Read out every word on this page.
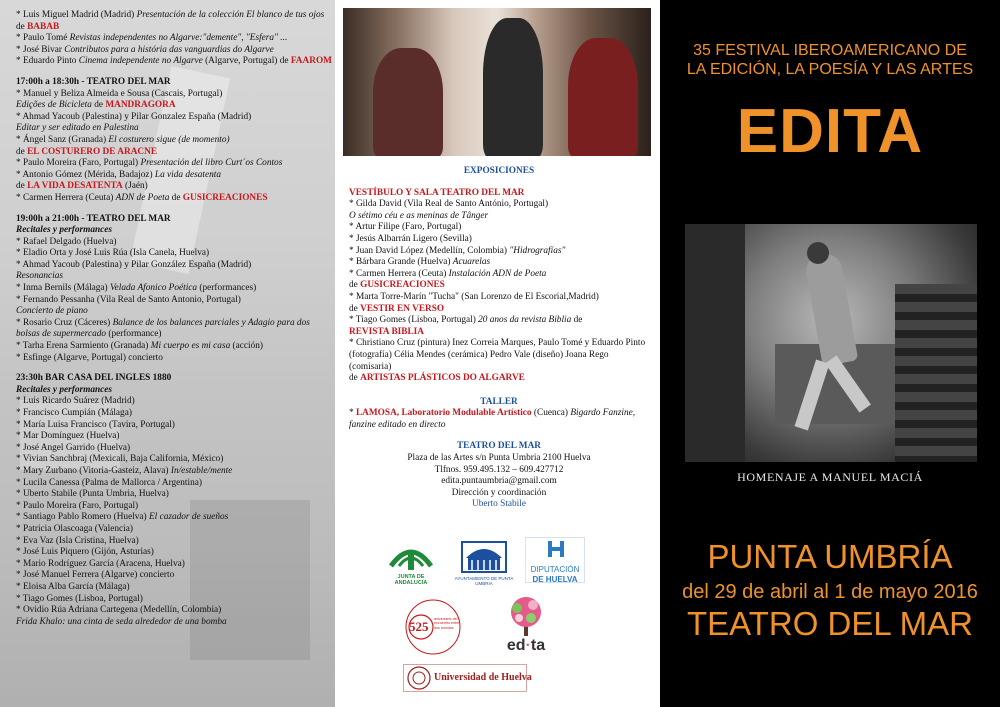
* Luis Miguel Madrid (Madrid) Presentación de la colección El blanco de tus ojos de BABAB

* Paulo Tomé Revistas independentes no Algarve:"demente", "Esfera" ...

* José Bivar Contributos para a história das vanguardias do Algarve

* Eduardo Pinto Cinema independente no Algarve (Algarve, Portugal) de FAAROM

17:00h a 18:30h - TEATRO DEL MAR

* Manuel y Beliza Almeida e Sousa (Cascais, Portugal)

Edições de Bicicleta de MANDRAGORA

* Ahmad Yacoub (Palestina) y Pilar Gonzalez España (Madrid)

Editar y ser editado en Palestina

* Ángel Sanz (Granada) El costurero sigue (de momento)

de EL COSTURERO DE ARACNE

* Paulo Moreira (Faro, Portugal) Presentación del libro Curt´os Contos

* Antonio Gómez (Mérida, Badajoz) La vida desatenta

de LA VIDA DESATENTA (Jaén)

* Carmen Herrera (Ceuta) ADN de Poeta de GUSICREACIONES

19:00h a 21:00h - TEATRO DEL MAR

Recitales y performances

* Rafael Delgado (Huelva)

* Eladio Orta y José Luis Rúa (Isla Canela, Huelva)

* Ahmad Yacoub (Palestina) y Pilar González España (Madrid)

Resonancias

* Inma Bernils (Málaga) Velada Afonico Poética (performances)

* Fernando Pessanha (Vila Real de Santo Antonio, Portugal)

Concierto de piano

* Rosario Cruz (Cáceres) Balance de los balances parciales y Adagio para dos bolsas de supermercado (performance)

* Tarha Erena Sarmiento (Granada) Mi cuerpo es mi casa (acción)

* Esfinge (Algarve, Portugal) concierto

23:30h BAR CASA DEL INGLES 1880

Recitales y performances

* Luis Ricardo Suárez (Madrid)

* Francisco Cumpián (Málaga)

* María Luisa Francisco (Tavira, Portugal)

* Mar Domínguez (Huelva)

* José Angel Garrido (Huelva)

* Vivian Sanchbraj (Mexicali, Baja California, México)

* Mary Zurbano (Vitoria-Gasteiz, Alava) In/estable/mente

* Lucila Canessa (Palma de Mallorca / Argentina)

* Uberto Stabile (Punta Umbria, Huelva)

* Paulo Moreira (Faro, Portugal)

* Santiago Pablo Romero (Huelva) El cazador de sueños

* Patricia Olascoaga (Valencia)

* Eva Vaz (Isla Cristina, Huelva)

* José Luis Piquero (Gijón, Asturias)

* Mario Rodríguez García (Aracena, Huelva)

* José Manuel Ferrera (Algarve) concierto

* Eloisa Alba García (Málaga)

* Tiago Gomes (Lisboa, Portugal)

* Ovidio Rúa Adriana Cartegena (Medellín, Colombia)

Frida Khalo: una cinta de seda alrededor de una bomba

EXPOSICIONES

VESTÍBULO Y SALA TEATRO DEL MAR

* Gilda David (Vila Real de Santo António, Portugal)

O sétimo céu e as meninas de Tânger

* Artur Filipe (Faro, Portugal)

* Jesús Albarrán Ligero (Sevilla)

* Juan David López (Medellín, Colombia) "Hidrografías"

* Bárbara Grande (Huelva) Acuarelas

* Carmen Herrera (Ceuta) Instalación ADN de Poeta

de GUSICREACIONES

* Marta Torre-Marín "Tucha" (San Lorenzo de El Escorial,Madrid)

de VESTIR EN VERSO

* Tiago Gomes (Lisboa, Portugal) 20 anos da revista Biblia de

REVISTA BIBLIA

* Christiano Cruz (pintura) Inez Correia Marques, Paulo Tomé y Eduardo Pinto (fotografía) Célia Mendes (cerámica) Pedro Vale (diseño) Joana Rego (comisaria)

de ARTISTAS PLÁSTICOS DO ALGARVE

TALLER

* LAMOSA, Laboratorio Modulable Artístico (Cuenca) Bigardo Fanzine, fanzine editado en directo

TEATRO DEL MAR

Plaza de las Artes s/n Punta Umbria 2100 Huelva

Tlfnos. 959.495.132 – 609.427712

edita.puntaumbria@gmail.com

Dirección y coordinación

Uberto Stabile

JUNTA DE ANDALUCIA
AYUNTAMIENTO DE PUNTA UMBRIA
DIPUTACIÓN
DE HUELVA
525 aniversario del encuentro entre dos mundos
ed·ta
Universidad de Huelva
35 FESTIVAL IBEROAMERICANO DE
LA EDICIÓN, LA POESÍA Y LAS ARTES
EDITA
HOMENAJE A MANUEL MACIÁ
PUNTA UMBRÍA
del 29 de abril al 1 de mayo 2016
TEATRO DEL MAR
